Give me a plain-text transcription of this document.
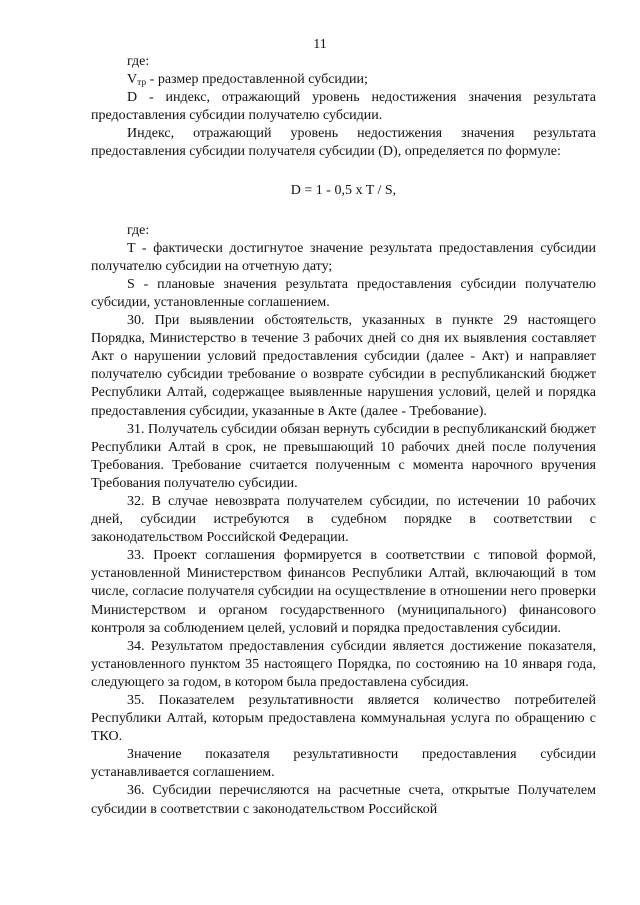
11

где:

$V_{тр}$ - размер предоставленной субсидии;

D - индекс, отражающий уровень недостижения значения результата предоставления субсидии получателю субсидии.

Индекс, отражающий уровень недостижения значения результата предоставления субсидии получателя субсидии (D), определяется по формуле:

D = 1 - 0,5 x T / S,

где:

T - фактически достигнутое значение результата предоставления субсидии получателю субсидии на отчетную дату;

S - плановые значения результата предоставления субсидии получателю субсидии, установленные соглашением.

30. При выявлении обстоятельств, указанных в пункте 29 настоящего Порядка, Министерство в течение 3 рабочих дней со дня их выявления составляет Акт о нарушении условий предоставления субсидии (далее - Акт) и направляет получателю субсидии требование о возврате субсидии в республиканский бюджет Республики Алтай, содержащее выявленные нарушения условий, целей и порядка предоставления субсидии, указанные в Акте (далее - Требование).

31. Получатель субсидии обязан вернуть субсидии в республиканский бюджет Республики Алтай в срок, не превышающий 10 рабочих дней после получения Требования. Требование считается полученным с момента нарочного вручения Требования получателю субсидии.

32. В случае невозврата получателем субсидии, по истечении 10 рабочих дней, субсидии истребуются в судебном порядке в соответствии с законодательством Российской Федерации.

33. Проект соглашения формируется в соответствии с типовой формой, установленной Министерством финансов Республики Алтай, включающий в том числе, согласие получателя субсидии на осуществление в отношении него проверки Министерством и органом государственного (муниципального) финансового контроля за соблюдением целей, условий и порядка предоставления субсидии.

34. Результатом предоставления субсидии является достижение показателя, установленного пунктом 35 настоящего Порядка, по состоянию на 10 января года, следующего за годом, в котором была предоставлена субсидия.

35. Показателем результативности является количество потребителей Республики Алтай, которым предоставлена коммунальная услуга по обращению с ТКО.

Значение показателя результативности предоставления субсидии устанавливается соглашением.

36. Субсидии перечисляются на расчетные счета, открытые Получателем субсидии в соответствии с законодательством Российской
